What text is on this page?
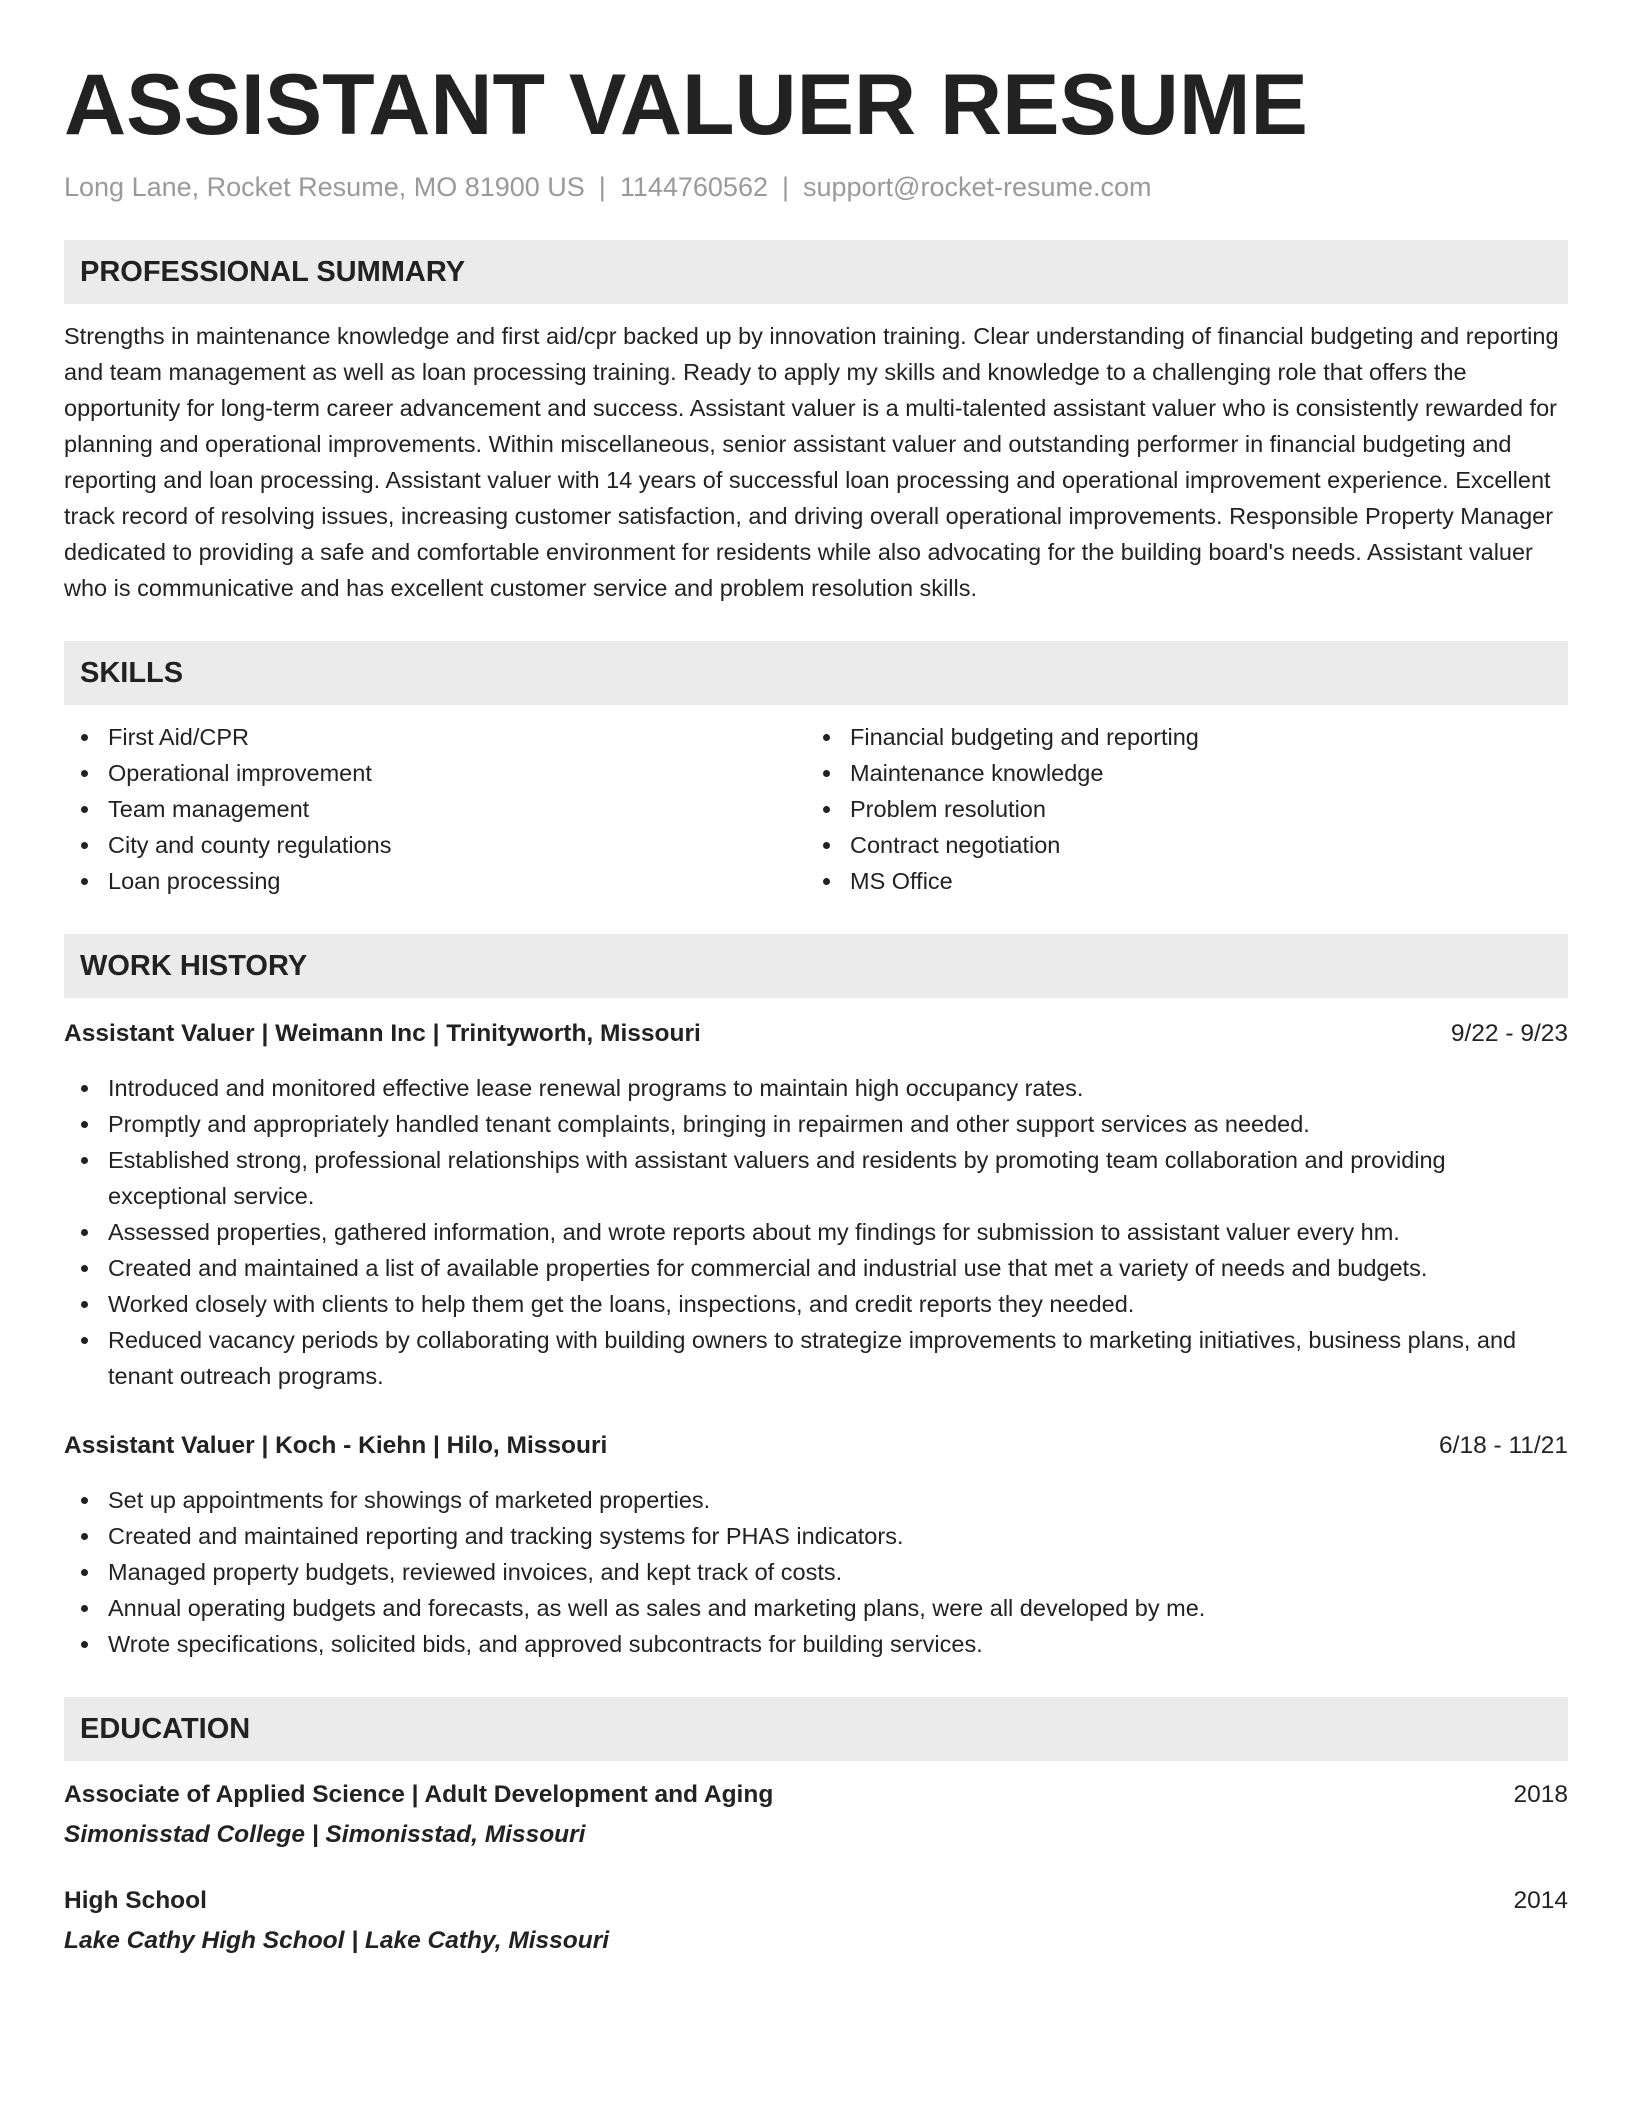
ASSISTANT VALUER RESUME
Long Lane, Rocket Resume, MO 81900 US | 1144760562 | support@rocket-resume.com
PROFESSIONAL SUMMARY
Strengths in maintenance knowledge and first aid/cpr backed up by innovation training. Clear understanding of financial budgeting and reporting and team management as well as loan processing training. Ready to apply my skills and knowledge to a challenging role that offers the opportunity for long-term career advancement and success. Assistant valuer is a multi-talented assistant valuer who is consistently rewarded for planning and operational improvements. Within miscellaneous, senior assistant valuer and outstanding performer in financial budgeting and reporting and loan processing. Assistant valuer with 14 years of successful loan processing and operational improvement experience. Excellent track record of resolving issues, increasing customer satisfaction, and driving overall operational improvements. Responsible Property Manager dedicated to providing a safe and comfortable environment for residents while also advocating for the building board's needs. Assistant valuer who is communicative and has excellent customer service and problem resolution skills.
SKILLS
First Aid/CPR
Operational improvement
Team management
City and county regulations
Loan processing
Financial budgeting and reporting
Maintenance knowledge
Problem resolution
Contract negotiation
MS Office
WORK HISTORY
Assistant Valuer | Weimann Inc | Trinityworth, Missouri	9/22 - 9/23
Introduced and monitored effective lease renewal programs to maintain high occupancy rates.
Promptly and appropriately handled tenant complaints, bringing in repairmen and other support services as needed.
Established strong, professional relationships with assistant valuers and residents by promoting team collaboration and providing exceptional service.
Assessed properties, gathered information, and wrote reports about my findings for submission to assistant valuer every hm.
Created and maintained a list of available properties for commercial and industrial use that met a variety of needs and budgets.
Worked closely with clients to help them get the loans, inspections, and credit reports they needed.
Reduced vacancy periods by collaborating with building owners to strategize improvements to marketing initiatives, business plans, and tenant outreach programs.
Assistant Valuer | Koch - Kiehn | Hilo, Missouri	6/18 - 11/21
Set up appointments for showings of marketed properties.
Created and maintained reporting and tracking systems for PHAS indicators.
Managed property budgets, reviewed invoices, and kept track of costs.
Annual operating budgets and forecasts, as well as sales and marketing plans, were all developed by me.
Wrote specifications, solicited bids, and approved subcontracts for building services.
EDUCATION
Associate of Applied Science | Adult Development and Aging	2018
Simonisstad College | Simonisstad, Missouri
High School	2014
Lake Cathy High School | Lake Cathy, Missouri
